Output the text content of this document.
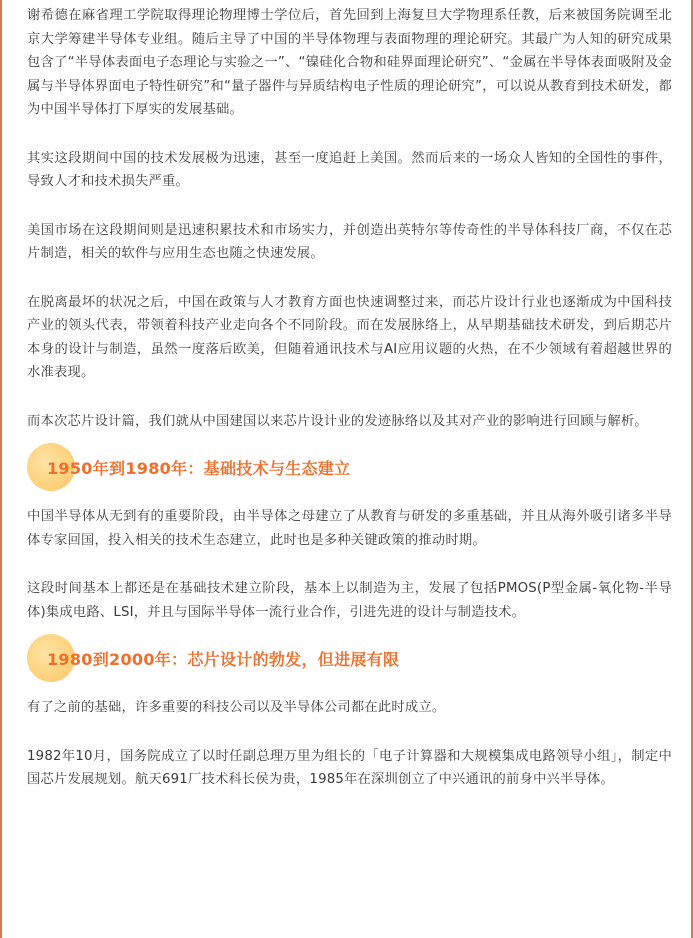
谢希德在麻省理工学院取得理论物理博士学位后，首先回到上海复旦大学物理系任教，后来被国务院调至北京大学筹建半导体专业组。随后主导了中国的半导体物理与表面物理的理论研究。其最广为人知的研究成果包含了“半导体表面电子态理论与实验之一”、“镍硅化合物和硅界面理论研究”、“金属在半导体表面吸附及金属与半导体界面电子特性研究”和“量子器件与异质结构电子性质的理论研究”，可以说从教育到技术研发，都为中国半导体打下厚实的发展基础。

其实这段期间中国的技术发展极为迅速，甚至一度追赶上美国。然而后来的一场众人皆知的全国性的事件，导致人才和技术损失严重。

美国市场在这段期间则是迅速积累技术和市场实力，并创造出英特尔等传奇性的半导体科技厂商，不仅在芯片制造，相关的软件与应用生态也随之快速发展。

在脱离最坏的状况之后，中国在政策与人才教育方面也快速调整过来，而芯片设计行业也逐渐成为中国科技产业的领头代表，带领着科技产业走向各个不同阶段。而在发展脉络上，从早期基础技术研发，到后期芯片本身的设计与制造，虽然一度落后欧美，但随着通讯技术与AI应用议题的火热，在不少领域有着超越世界的水准表现。

而本次芯片设计篇，我们就从中国建国以来芯片设计业的发迹脉络以及其对产业的影响进行回顾与解析。

1950年到1980年：基础技术与生态建立

中国半导体从无到有的重要阶段，由半导体之母建立了从教育与研发的多重基础，并且从海外吸引诸多半导体专家回国，投入相关的技术生态建立，此时也是多种关键政策的推动时期。

这段时间基本上都还是在基础技术建立阶段，基本上以制造为主，发展了包括PMOS(P型金属-氧化物-半导体)集成电路、LSI，并且与国际半导体一流行业合作，引进先进的设计与制造技术。

1980到2000年：芯片设计的勃发，但进展有限

有了之前的基础，许多重要的科技公司以及半导体公司都在此时成立。

1982年10月，国务院成立了以时任副总理万里为组长的「电子计算器和大规模集成电路领导小组」，制定中国芯片发展规划。航天691厂技术科长侯为贵，1985年在深圳创立了中兴通讯的前身中兴半导体。
